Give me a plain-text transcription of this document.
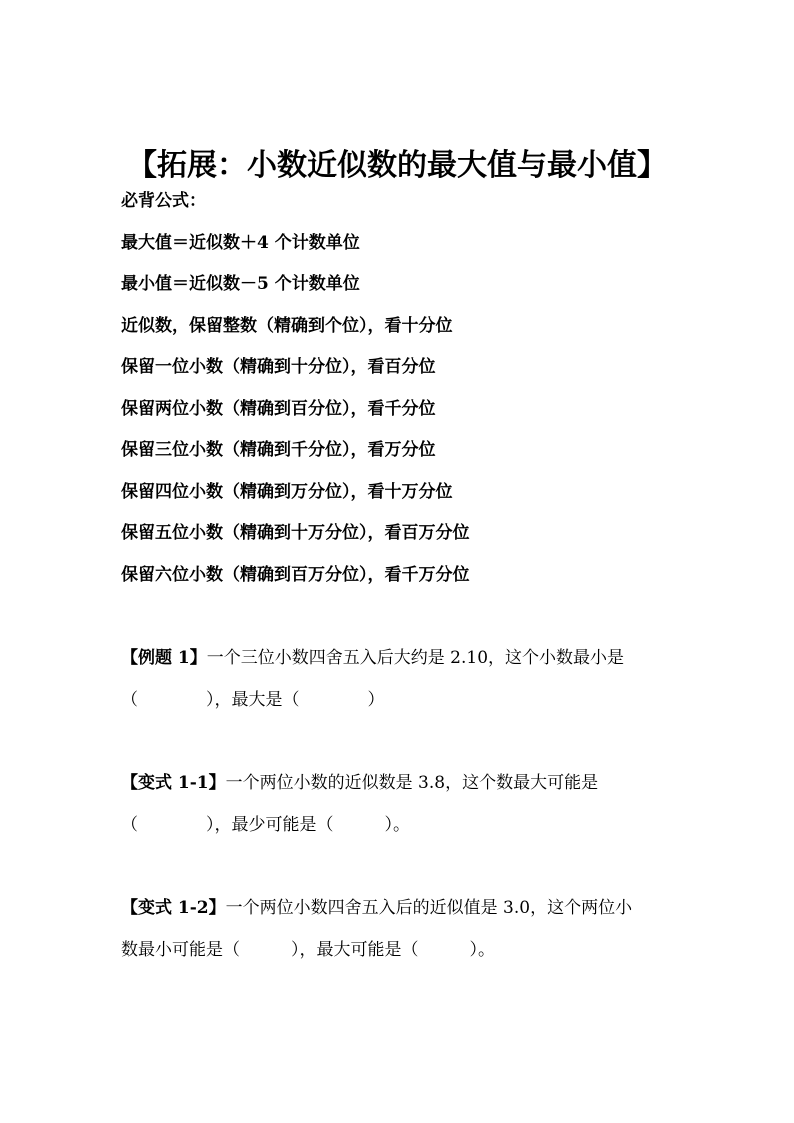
【拓展：小数近似数的最大值与最小值】
必背公式：
最大值＝近似数＋4 个计数单位
最小值＝近似数－5 个计数单位
近似数，保留整数（精确到个位），看十分位
保留一位小数（精确到十分位），看百分位
保留两位小数（精确到百分位），看千分位
保留三位小数（精确到千分位），看万分位
保留四位小数（精确到万分位），看十万分位
保留五位小数（精确到十万分位），看百万分位
保留六位小数（精确到百万分位），看千万分位
【例题 1】一个三位小数四舍五入后大约是 2.10，这个小数最小是
（　　　　），最大是（　　　　）
【变式 1-1】一个两位小数的近似数是 3.8，这个数最大可能是
（　　　　），最少可能是（　　　）。
【变式 1-2】一个两位小数四舍五入后的近似值是 3.0，这个两位小
数最小可能是（　　　），最大可能是（　　　）。
